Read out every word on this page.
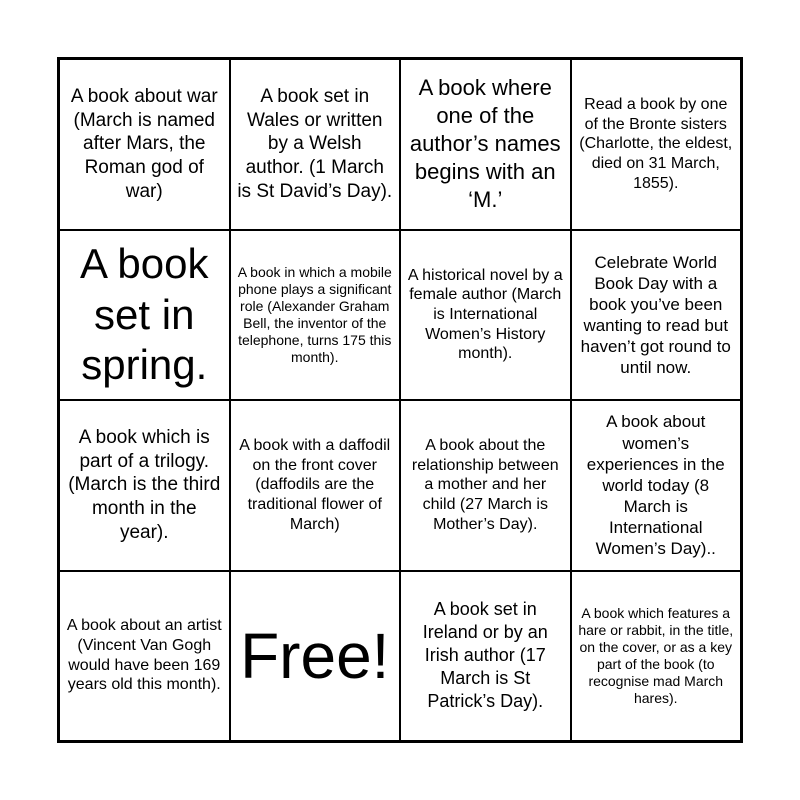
A book about war (March is named after Mars, the Roman god of war)
A book set in Wales or written by a Welsh author. (1 March is St David’s Day).
A book where one of the author’s names begins with an ‘M.’
Read a book by one of the Bronte sisters (Charlotte, the eldest, died on 31 March, 1855).
A book set in spring.
A book in which a mobile phone plays a significant role (Alexander Graham Bell, the inventor of the telephone, turns 175 this month).
A historical novel by a female author (March is International Women’s History month).
Celebrate World Book Day with a book you’ve been wanting to read but haven’t got round to until now.
A book which is part of a trilogy. (March is the third month in the year).
A book with a daffodil on the front cover (daffodils are the traditional flower of March)
A book about the relationship between a mother and her child (27 March is Mother’s Day).
A book about women’s experiences in the world today (8 March is International Women’s Day)..
A book about an artist (Vincent Van Gogh would have been 169 years old this month). Free!
A book set in Ireland or by an Irish author (17 March is St Patrick’s Day).
A book which features a hare or rabbit, in the title, on the cover, or as a key part of the book (to recognise mad March hares).
